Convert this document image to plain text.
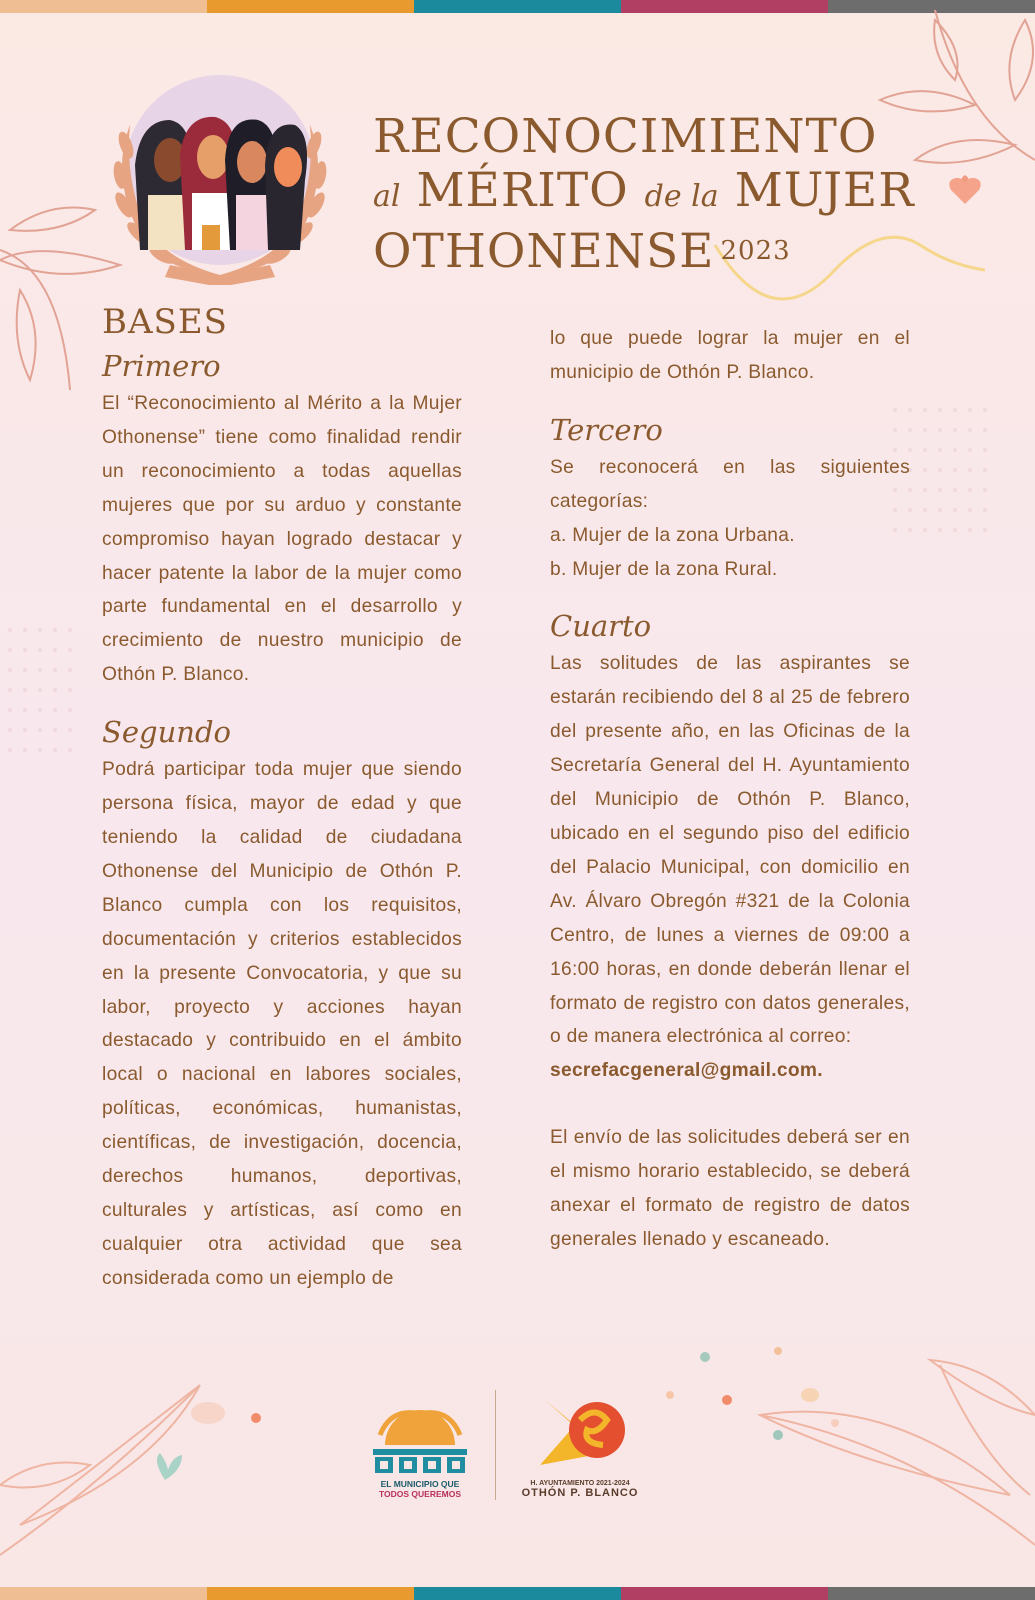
RECONOCIMIENTO
al MÉRITO de la MUJER
OTHONENSE 2023
BASES
Primero

El “Reconocimiento al Mérito a la Mujer Othonense” tiene como finalidad rendir un reconocimiento a todas aquellas mujeres que por su arduo y constante compromiso hayan logrado destacar y hacer patente la labor de la mujer como parte fundamental en el desarrollo y crecimiento de nuestro municipio de Othón P. Blanco.

Segundo

Podrá participar toda mujer que siendo persona física, mayor de edad y que teniendo la calidad de ciudadana Othonense del Municipio de Othón P. Blanco cumpla con los requisitos, documentación y criterios establecidos en la presente Convocatoria, y que su labor, proyecto y acciones hayan destacado y contribuido en el ámbito local o nacional en labores sociales, políticas, económicas, humanistas, científicas, de investigación, docencia, derechos humanos, deportivas, culturales y artísticas, así como en cualquier otra actividad que sea considerada como un ejemplo de

lo que puede lograr la mujer en el municipio de Othón P. Blanco.

Tercero

Se reconocerá en las siguientes categorías:

a. Mujer de la zona Urbana.

b. Mujer de la zona Rural.

Cuarto

Las solitudes de las aspirantes se estarán recibiendo del 8 al 25 de febrero del presente año, en las Oficinas de la Secretaría General del H. Ayuntamiento del Municipio de Othón P. Blanco, ubicado en el segundo piso del edificio del Palacio Municipal, con domicilio en Av. Álvaro Obregón #321 de la Colonia Centro, de lunes a viernes de 09:00 a 16:00 horas, en donde deberán llenar el formato de registro con datos generales, o de manera electrónica al correo:

secrefacgeneral@gmail.com.

El envío de las solicitudes deberá ser en el mismo horario establecido, se deberá anexar el formato de registro de datos generales llenado y escaneado.

EL MUNICIPIO QUE
TODOS QUEREMOS
H. AYUNTAMIENTO 2021-2024
OTHÓN P. BLANCO
